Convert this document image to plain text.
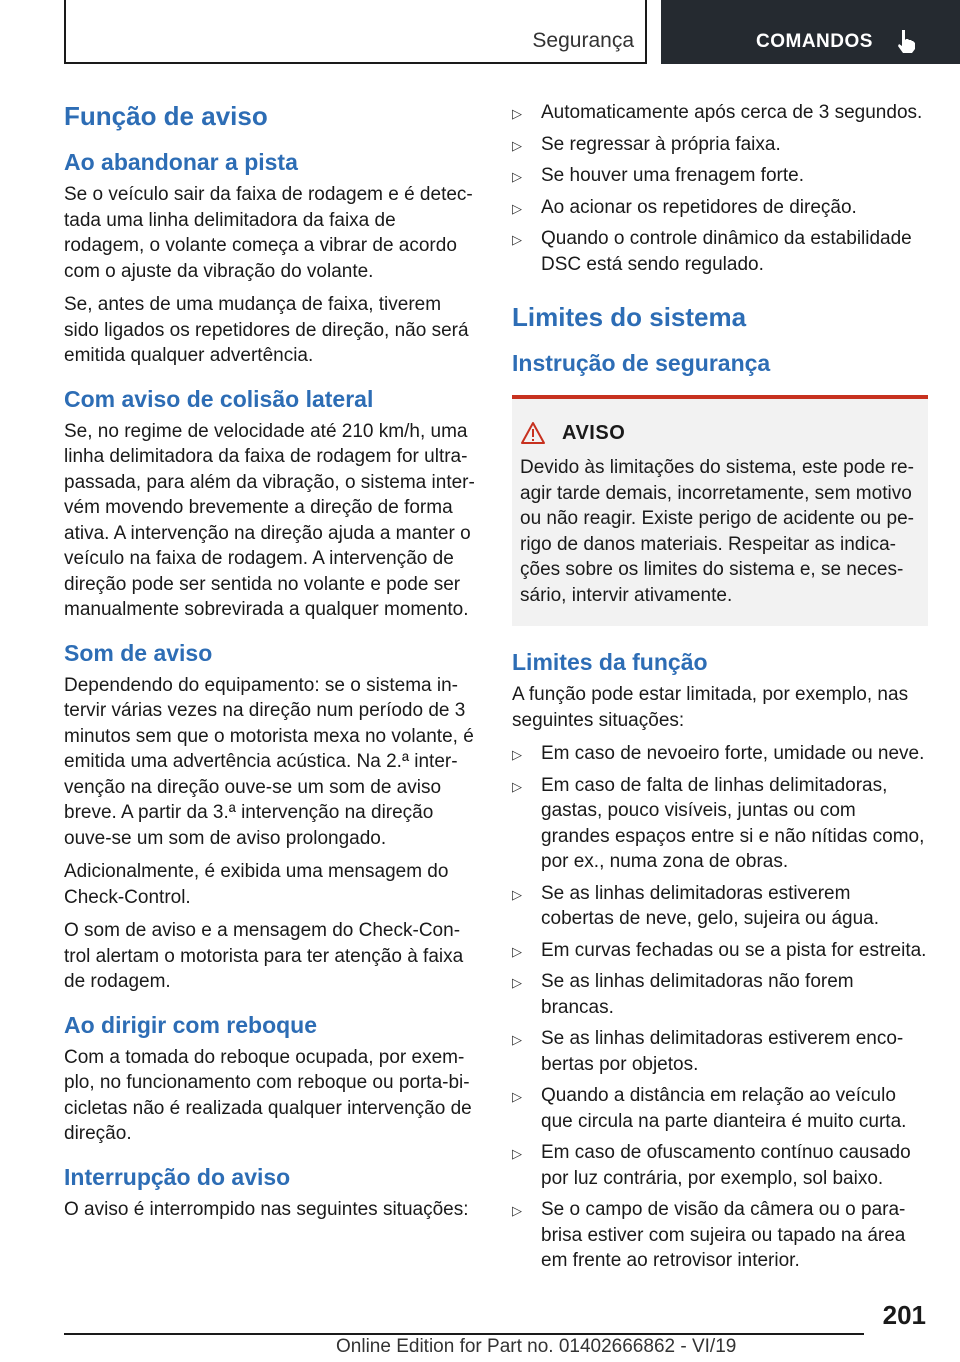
Segurança	COMANDOS
Função de aviso
Ao abandonar a pista

Se o veículo sair da faixa de rodagem e é detectada uma linha delimitadora da faixa de rodagem, o volante começa a vibrar de acordo com o ajuste da vibração do volante.

Se, antes de uma mudança de faixa, tiverem sido ligados os repetidores de direção, não será emitida qualquer advertência.

Com aviso de colisão lateral

Se, no regime de velocidade até 210 km/h, uma linha delimitadora da faixa de rodagem for ultrapassada, para além da vibração, o sistema intervém movendo brevemente a direção de forma ativa. A intervenção na direção ajuda a manter o veículo na faixa de rodagem. A intervenção de direção pode ser sentida no volante e pode ser manualmente sobrevirada a qualquer momento.

Som de aviso

Dependendo do equipamento: se o sistema intervir várias vezes na direção num período de 3 minutos sem que o motorista mexa no volante, é emitida uma advertência acústica. Na 2.ª intervenção na direção ouve-se um som de aviso breve. A partir da 3.ª intervenção na direção ouve-se um som de aviso prolongado.

Adicionalmente, é exibida uma mensagem do Check-Control.

O som de aviso e a mensagem do Check-Control alertam o motorista para ter atenção à faixa de rodagem.

Ao dirigir com reboque

Com a tomada do reboque ocupada, por exemplo, no funcionamento com reboque ou porta-bicicletas não é realizada qualquer intervenção de direção.

Interrupção do aviso

O aviso é interrompido nas seguintes situações:

▷ Automaticamente após cerca de 3 segundos.
▷ Se regressar à própria faixa.
▷ Se houver uma frenagem forte.
▷ Ao acionar os repetidores de direção.
▷ Quando o controle dinâmico da estabilidade DSC está sendo regulado.
Limites do sistema
Instrução de segurança
AVISO
Devido às limitações do sistema, este pode reagir tarde demais, incorretamente, sem motivo ou não reagir. Existe perigo de acidente ou perigo de danos materiais. Respeitar as indicações sobre os limites do sistema e, se necessário, intervir ativamente.
Limites da função

A função pode estar limitada, por exemplo, nas seguintes situações:

▷ Em caso de nevoeiro forte, umidade ou neve.
▷ Em caso de falta de linhas delimitadoras, gastas, pouco visíveis, juntas ou com grandes espaços entre si e não nítidas como, por ex., numa zona de obras.
▷ Se as linhas delimitadoras estiverem cobertas de neve, gelo, sujeira ou água.
▷ Em curvas fechadas ou se a pista for estreita.
▷ Se as linhas delimitadoras não forem brancas.
▷ Se as linhas delimitadoras estiverem encobertas por objetos.
▷ Quando a distância em relação ao veículo que circula na parte dianteira é muito curta.
▷ Em caso de ofuscamento contínuo causado por luz contrária, por exemplo, sol baixo.
▷ Se o campo de visão da câmera ou o para-brisa estiver com sujeira ou tapado na área em frente ao retrovisor interior.
201
Online Edition for Part no. 01402666862 - VI/19
